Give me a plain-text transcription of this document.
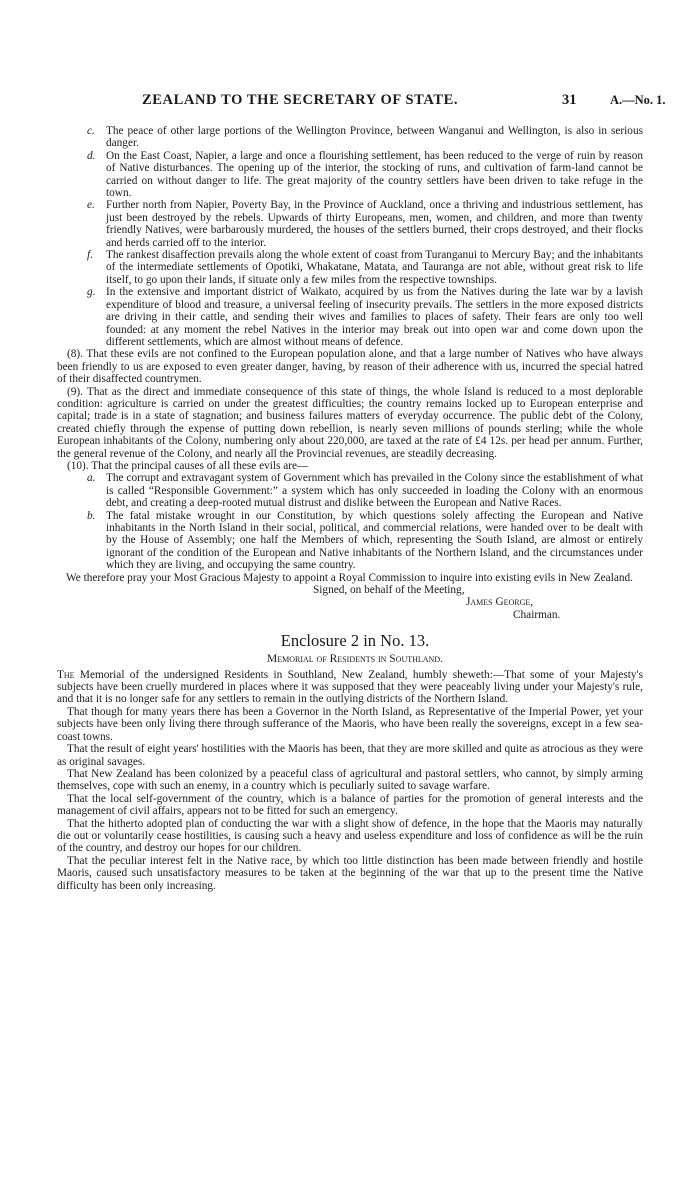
ZEALAND TO THE SECRETARY OF STATE.	31	A.—No. 1.

c. The peace of other large portions of the Wellington Province, between Wanganui and Wellington, is also in serious danger.

d. On the East Coast, Napier, a large and once a flourishing settlement, has been reduced to the verge of ruin by reason of Native disturbances. The opening up of the interior, the stocking of runs, and cultivation of farm-land cannot be carried on without danger to life. The great majority of the country settlers have been driven to take refuge in the town.

e. Further north from Napier, Poverty Bay, in the Province of Auckland, once a thriving and industrious settlement, has just been destroyed by the rebels. Upwards of thirty Europeans, men, women, and children, and more than twenty friendly Natives, were barbarously murdered, the houses of the settlers burned, their crops destroyed, and their flocks and herds carried off to the interior.

f. The rankest disaffection prevails along the whole extent of coast from Turanganui to Mercury Bay; and the inhabitants of the intermediate settlements of Opotiki, Whakatane, Matata, and Tauranga are not able, without great risk to life itself, to go upon their lands, if situate only a few miles from the respective townships.

g. In the extensive and important district of Waikato, acquired by us from the Natives during the late war by a lavish expenditure of blood and treasure, a universal feeling of insecurity prevails. The settlers in the more exposed districts are driving in their cattle, and sending their wives and families to places of safety. Their fears are only too well founded: at any moment the rebel Natives in the interior may break out into open war and come down upon the different settlements, which are almost without means of defence.

(8). That these evils are not confined to the European population alone, and that a large number of Natives who have always been friendly to us are exposed to even greater danger, having, by reason of their adherence with us, incurred the special hatred of their disaffected countrymen.

(9). That as the direct and immediate consequence of this state of things, the whole Island is reduced to a most deplorable condition: agriculture is carried on under the greatest difficulties; the country remains locked up to European enterprise and capital; trade is in a state of stagnation; and business failures matters of everyday occurrence. The public debt of the Colony, created chiefly through the expense of putting down rebellion, is nearly seven millions of pounds sterling; while the whole European inhabitants of the Colony, numbering only about 220,000, are taxed at the rate of £4 12s. per head per annum. Further, the general revenue of the Colony, and nearly all the Provincial revenues, are steadily decreasing.

(10). That the principal causes of all these evils are—

a. The corrupt and extravagant system of Government which has prevailed in the Colony since the establishment of what is called “Responsible Government:” a system which has only succeeded in loading the Colony with an enormous debt, and creating a deep-rooted mutual distrust and dislike between the European and Native Races.

b. The fatal mistake wrought in our Constitution, by which questions solely affecting the European and Native inhabitants in the North Island in their social, political, and commercial relations, were handed over to be dealt with by the House of Assembly; one half the Members of which, representing the South Island, are almost or entirely ignorant of the condition of the European and Native inhabitants of the Northern Island, and the circumstances under which they are living, and occupying the same country.

We therefore pray your Most Gracious Majesty to appoint a Royal Commission to inquire into existing evils in New Zealand.

Signed, on behalf of the Meeting,

James George,

Chairman.

Enclosure 2 in No. 13.
Memorial of Residents in Southland.

The Memorial of the undersigned Residents in Southland, New Zealand, humbly sheweth:—That some of your Majesty's subjects have been cruelly murdered in places where it was supposed that they were peaceably living under your Majesty's rule, and that it is no longer safe for any settlers to remain in the outlying districts of the Northern Island.

That though for many years there has been a Governor in the North Island, as Representative of the Imperial Power, yet your subjects have been only living there through sufferance of the Maoris, who have been really the sovereigns, except in a few sea-coast towns.

That the result of eight years' hostilities with the Maoris has been, that they are more skilled and quite as atrocious as they were as original savages.

That New Zealand has been colonized by a peaceful class of agricultural and pastoral settlers, who cannot, by simply arming themselves, cope with such an enemy, in a country which is peculiarly suited to savage warfare.

That the local self-government of the country, which is a balance of parties for the promotion of general interests and the management of civil affairs, appears not to be fitted for such an emergency.

That the hitherto adopted plan of conducting the war with a slight show of defence, in the hope that the Maoris may naturally die out or voluntarily cease hostilities, is causing such a heavy and useless expenditure and loss of confidence as will be the ruin of the country, and destroy our hopes for our children.

That the peculiar interest felt in the Native race, by which too little distinction has been made between friendly and hostile Maoris, caused such unsatisfactory measures to be taken at the beginning of the war that up to the present time the Native difficulty has been only increasing.
